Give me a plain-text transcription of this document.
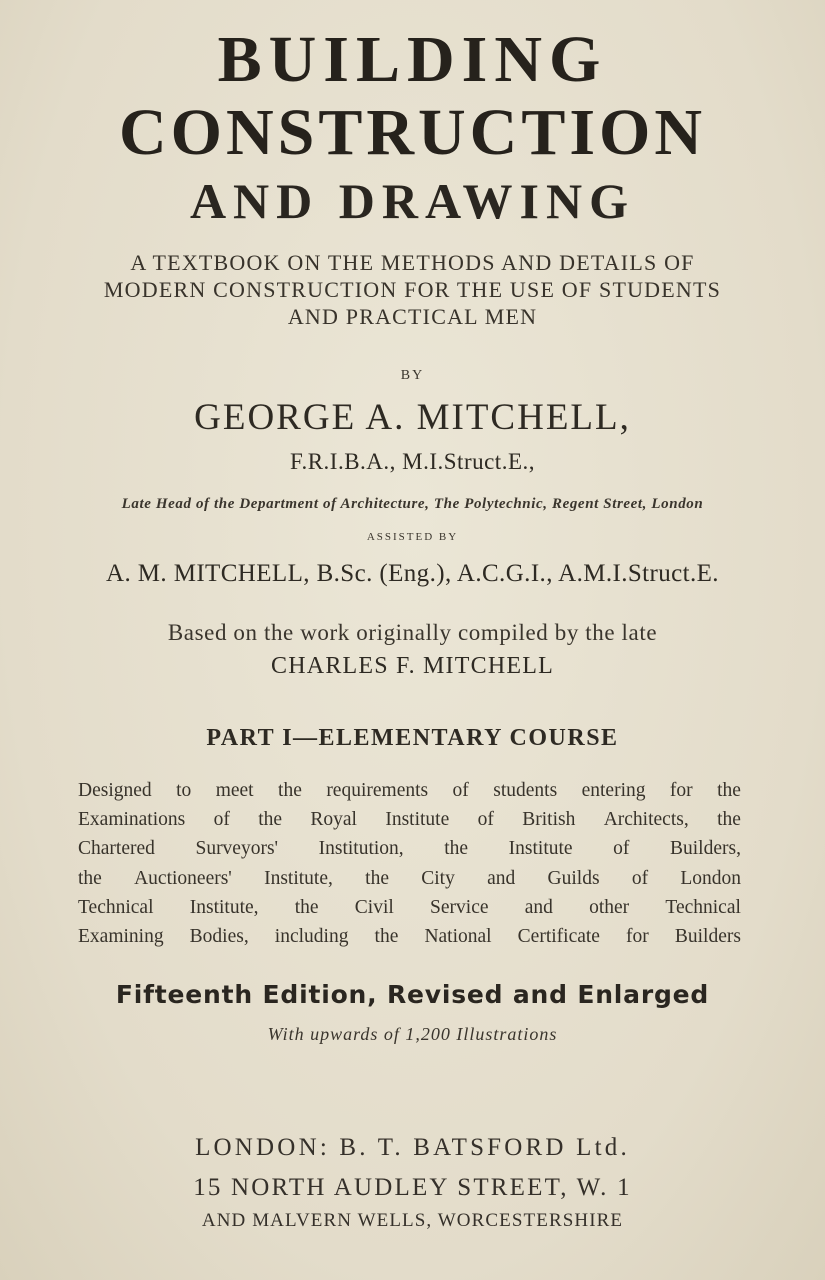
BUILDING
CONSTRUCTION
AND DRAWING
A TEXTBOOK ON THE METHODS AND DETAILS OF
MODERN CONSTRUCTION FOR THE USE OF STUDENTS
AND PRACTICAL MEN
BY
GEORGE A. MITCHELL,
F.R.I.B.A., M.I.Struct.E.,
Late Head of the Department of Architecture, The Polytechnic, Regent Street, London
ASSISTED BY
A. M. MITCHELL, B.Sc. (Eng.), A.C.G.I., A.M.I.Struct.E.
Based on the work originally compiled by the late
CHARLES F. MITCHELL
PART I—ELEMENTARY COURSE
Designed to meet the requirements of students entering for the
Examinations of the Royal Institute of British Architects, the
Chartered Surveyors' Institution, the Institute of Builders,
the Auctioneers' Institute, the City and Guilds of London
Technical Institute, the Civil Service and other Technical
Examining Bodies, including the National Certificate for Builders
Fifteenth Edition, Revised and Enlarged
With upwards of 1,200 Illustrations
LONDON: B. T. BATSFORD Ltd.
15 NORTH AUDLEY STREET, W. 1
AND MALVERN WELLS, WORCESTERSHIRE
